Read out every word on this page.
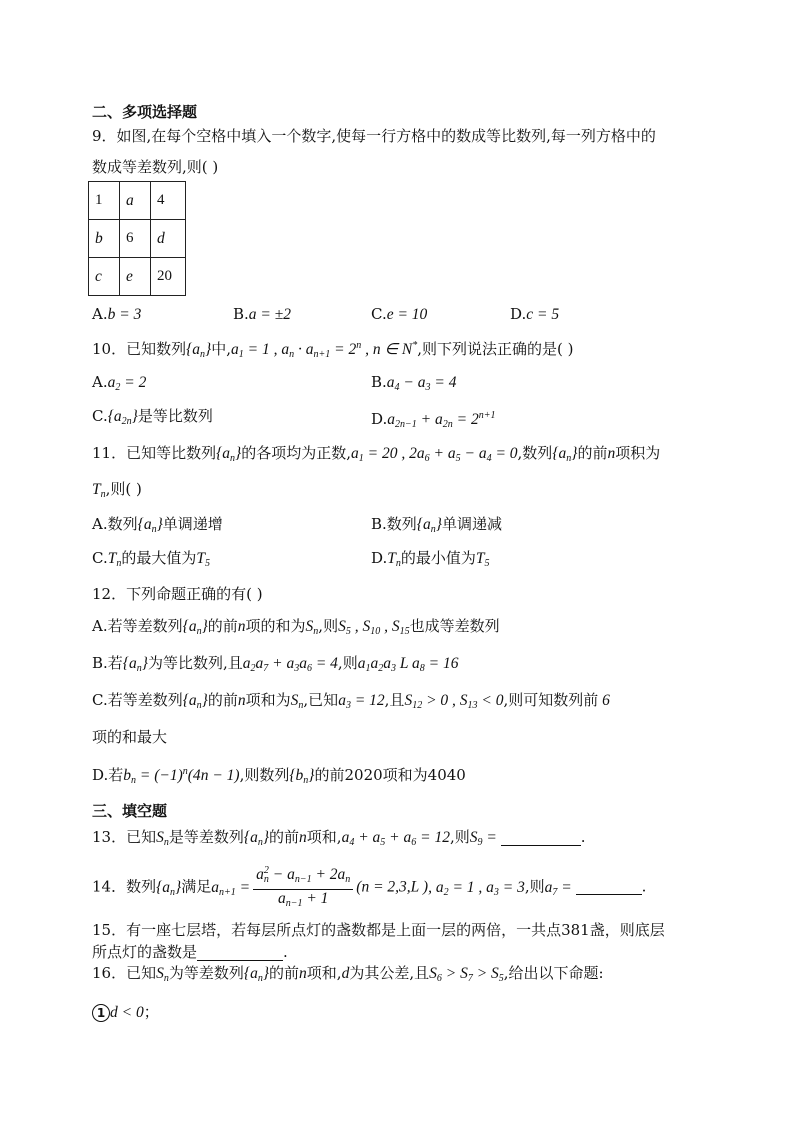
二、多项选择题
9．如图,在每个空格中填入一个数字,使每一行方格中的数成等比数列,每一列方格中的
数成等差数列,则( )
1	a	4
b	6	d
c	e	20
A.b = 3	B.a = ±2	C.e = 10	D.c = 5
10．已知数列$\{a_n\}$中$,a_1 = 1$ , $a_n \cdot a_{n+1} = 2^n$ , n ∈ N*,则下列说法正确的是( )
$A.a_2 = 2$	$B.a_4 - a_3 = 4$
$C.\{a_{2n}\}$是等比数列	$D.a_{2n-1} + a_{2n} = 2^{n+1}$
11．已知等比数列$\{a_n\}$的各项均为正数$,a_1 = 20$ , $2a_6 + a_5 - a_4 = 0$,数列$\{a_n\}$的前n项积为
$T_n$,则( )
A.数列$\{a_n\}$单调递增	B.数列$\{a_n\}$单调递减
$C.T_n$的最大值为$T_5$	$D.T_n$的最小值为$T_5$
12．下列命题正确的有( )
A.若等差数列$\{a_n\}$的前n项的和为$S_n$,则$S_5$ , $S_{10}$ , $S_{15}$也成等差数列
B.若$\{a_n\}$为等比数列,且$a_2a_7 + a_3a_6 = 4$,则$a_1a_2a_3$ L $a_8 = 16$
C.若等差数列$\{a_n\}$的前n项和为$S_n$,已知$a_3 = 12$,且$S_{12} > 0$ , $S_{13} < 0$,则可知数列前 6
项的和最大
D.若$b_n = (-1)^n(4n - 1)$,则数列$\{b_n\}$的前2020项和为4040
三、填空题
13．已知$S_n$是等差数列$\{a_n\}$的前n项和$,a_4 + a_5 + a_6 = 12$,则$S_9$ =	.
14．数列$\{a_n\}$满足$a_{n+1} = \frac{a_n^2 - a_{n-1} + 2a_n}{a_{n-1} + 1} (n = 2,3,L$ ), $a_2 = 1$ , $a_3 = 3$,则$a_7$ =	.
15．有一座七层塔，若每层所点灯的盏数都是上面一层的两倍，一共点381盏，则底层
所点灯的盏数是	.
16．已知$S_n$为等差数列$\{a_n\}$的前n项和,d为其公差,且$S_6 > S_7 > S_5$,给出以下命题:
1 d < 0；
